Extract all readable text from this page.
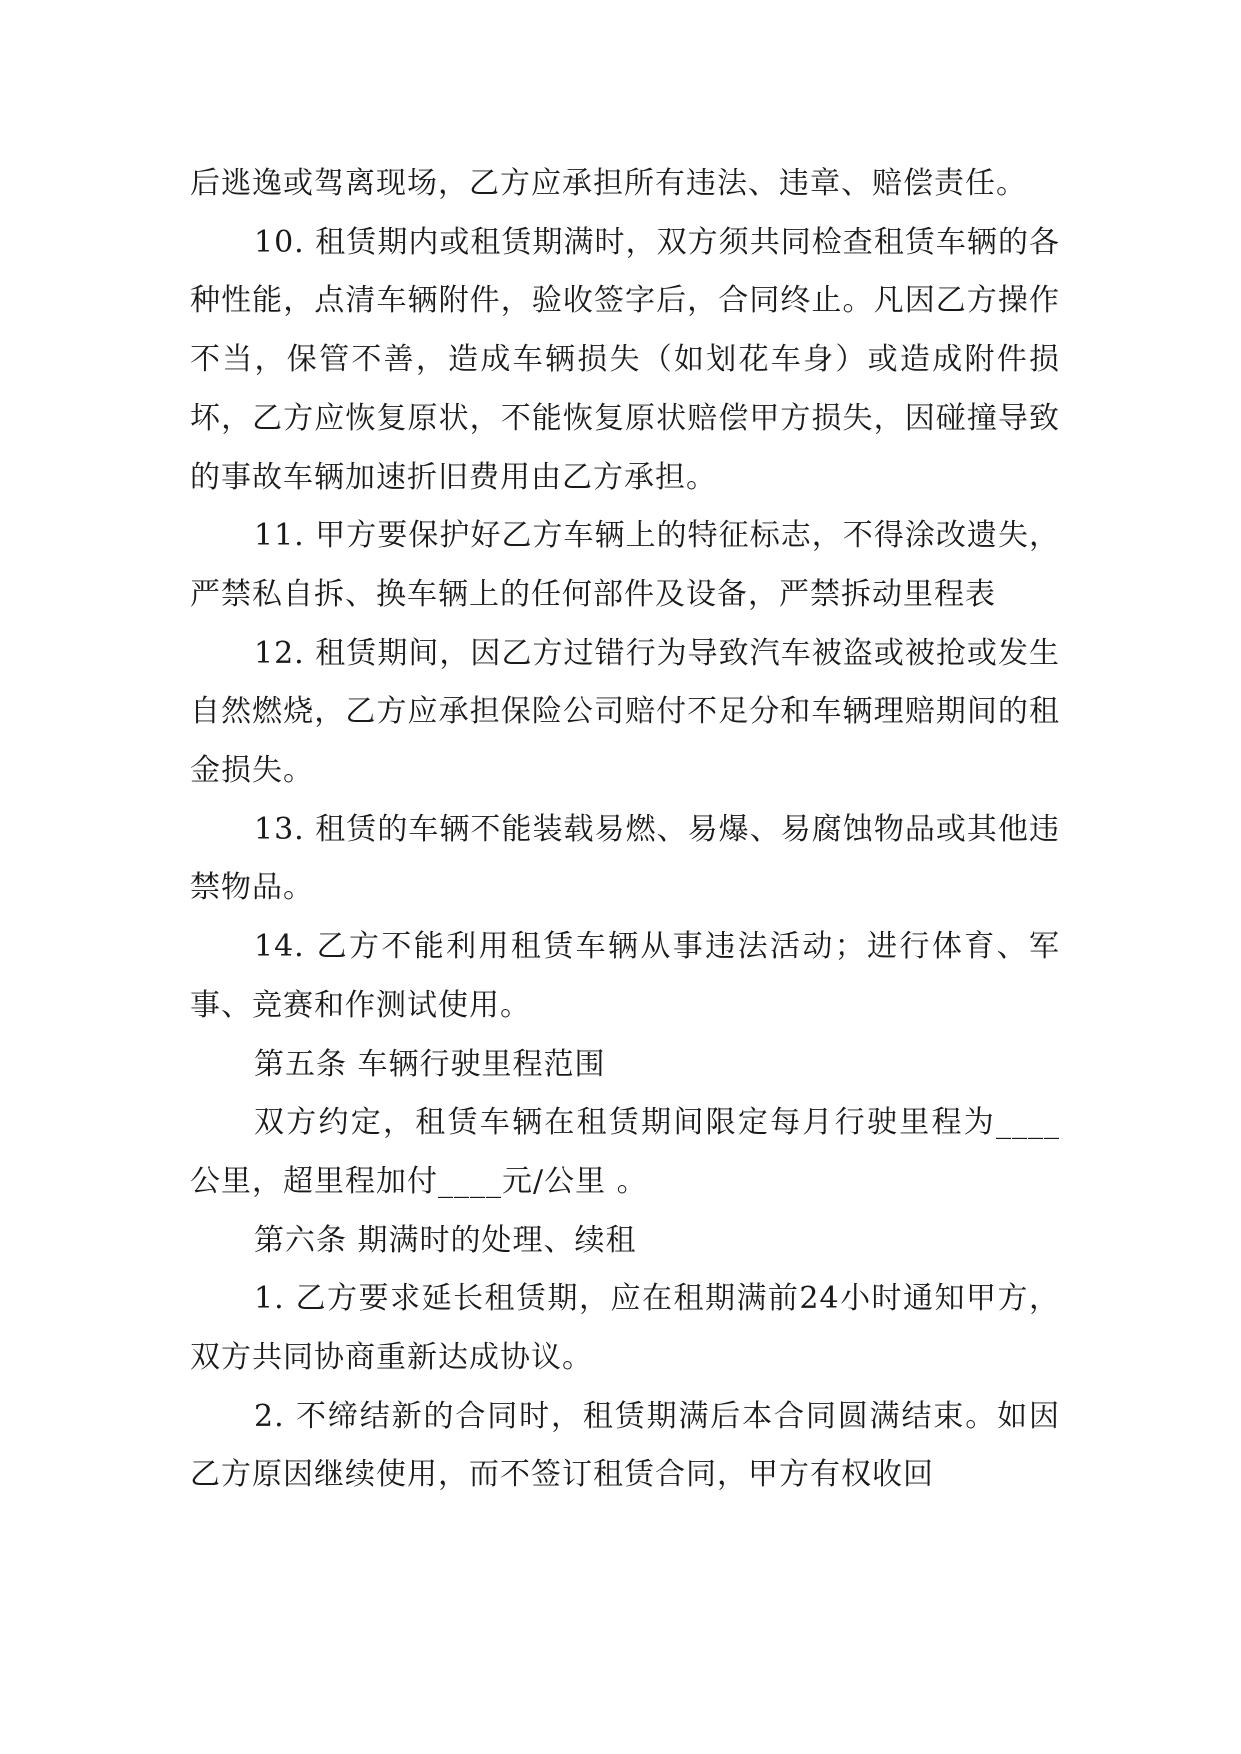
后逃逸或驾离现场，乙方应承担所有违法、违章、赔偿责任。

10. 租赁期内或租赁期满时，双方须共同检查租赁车辆的各种性能，点清车辆附件，验收签字后，合同终止。凡因乙方操作不当，保管不善，造成车辆损失（如划花车身）或造成附件损坏，乙方应恢复原状，不能恢复原状赔偿甲方损失，因碰撞导致的事故车辆加速折旧费用由乙方承担。

11. 甲方要保护好乙方车辆上的特征标志，不得涂改遗失，严禁私自拆、换车辆上的任何部件及设备，严禁拆动里程表

12. 租赁期间，因乙方过错行为导致汽车被盗或被抢或发生自然燃烧，乙方应承担保险公司赔付不足分和车辆理赔期间的租金损失。

13. 租赁的车辆不能装载易燃、易爆、易腐蚀物品或其他违禁物品。

14. 乙方不能利用租赁车辆从事违法活动；进行体育、军事、竞赛和作测试使用。

第五条 车辆行驶里程范围

双方约定，租赁车辆在租赁期间限定每月行驶里程为____公里，超里程加付____元/公里 。

第六条 期满时的处理、续租

1. 乙方要求延长租赁期，应在租期满前24小时通知甲方，双方共同协商重新达成协议。

2. 不缔结新的合同时，租赁期满后本合同圆满结束。如因乙方原因继续使用，而不签订租赁合同，甲方有权收回
